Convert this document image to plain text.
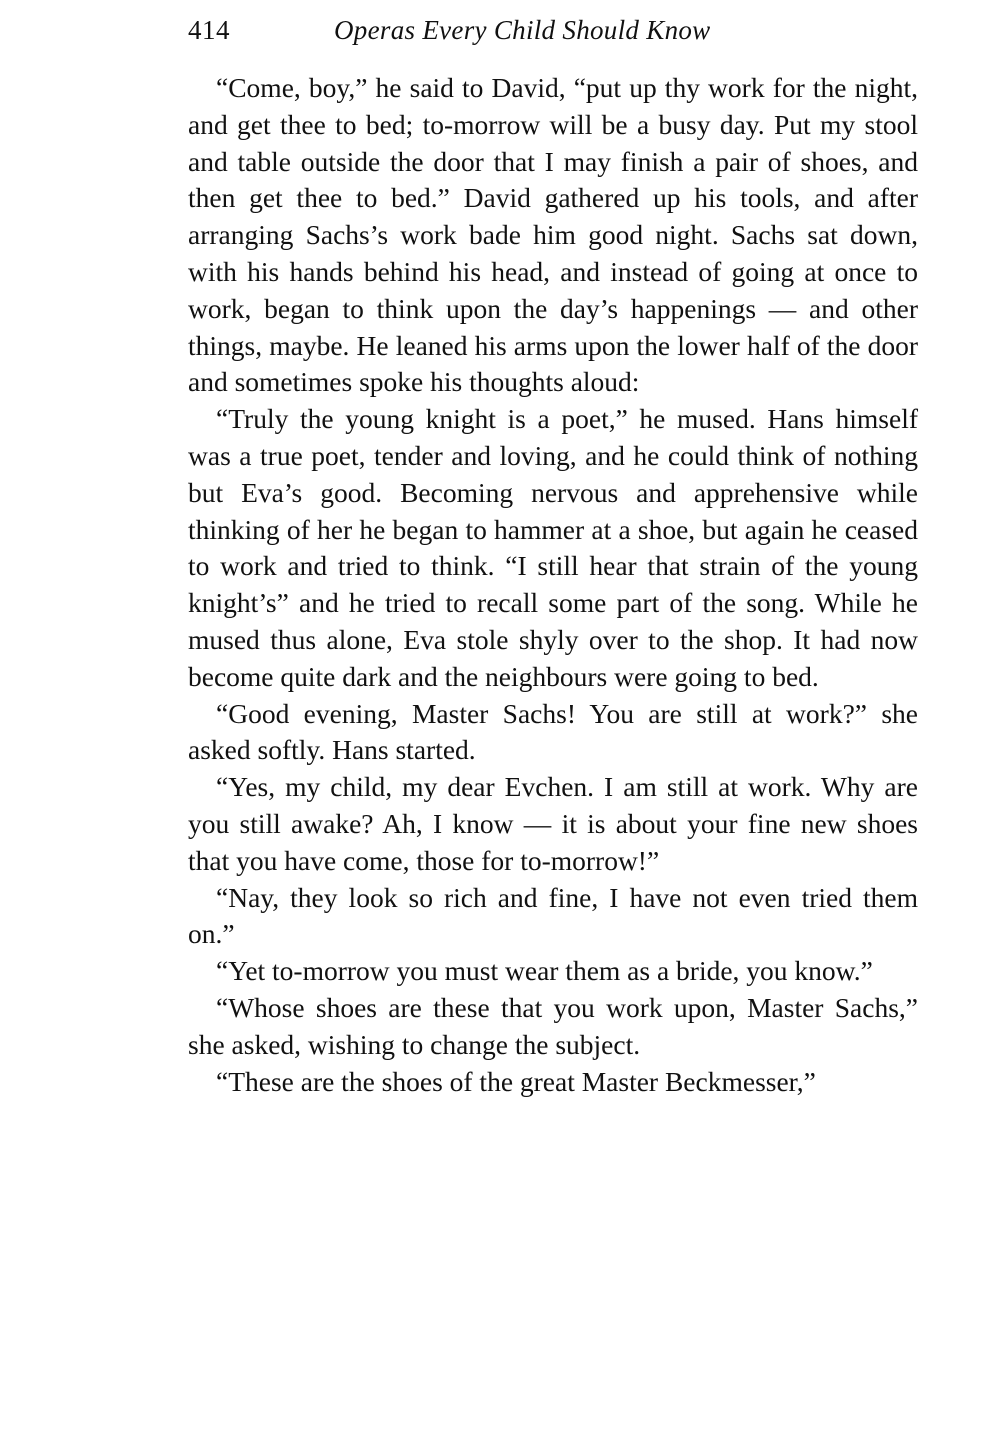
414	Operas Every Child Should Know

“Come, boy,” he said to David, “put up thy work for the night, and get thee to bed; to-morrow will be a busy day. Put my stool and table outside the door that I may finish a pair of shoes, and then get thee to bed.” David gathered up his tools, and after arranging Sachs’s work bade him good night. Sachs sat down, with his hands behind his head, and instead of going at once to work, began to think upon the day’s happenings — and other things, maybe. He leaned his arms upon the lower half of the door and sometimes spoke his thoughts aloud:

“Truly the young knight is a poet,” he mused. Hans himself was a true poet, tender and loving, and he could think of nothing but Eva’s good. Becoming nervous and apprehensive while thinking of her he began to hammer at a shoe, but again he ceased to work and tried to think. “I still hear that strain of the young knight’s” and he tried to recall some part of the song. While he mused thus alone, Eva stole shyly over to the shop. It had now become quite dark and the neighbours were going to bed.

“Good evening, Master Sachs! You are still at work?” she asked softly. Hans started.

“Yes, my child, my dear Evchen. I am still at work. Why are you still awake? Ah, I know — it is about your fine new shoes that you have come, those for to-morrow!”

“Nay, they look so rich and fine, I have not even tried them on.”

“Yet to-morrow you must wear them as a bride, you know.”

“Whose shoes are these that you work upon, Master Sachs,” she asked, wishing to change the subject.

“These are the shoes of the great Master Beckmesser,”
